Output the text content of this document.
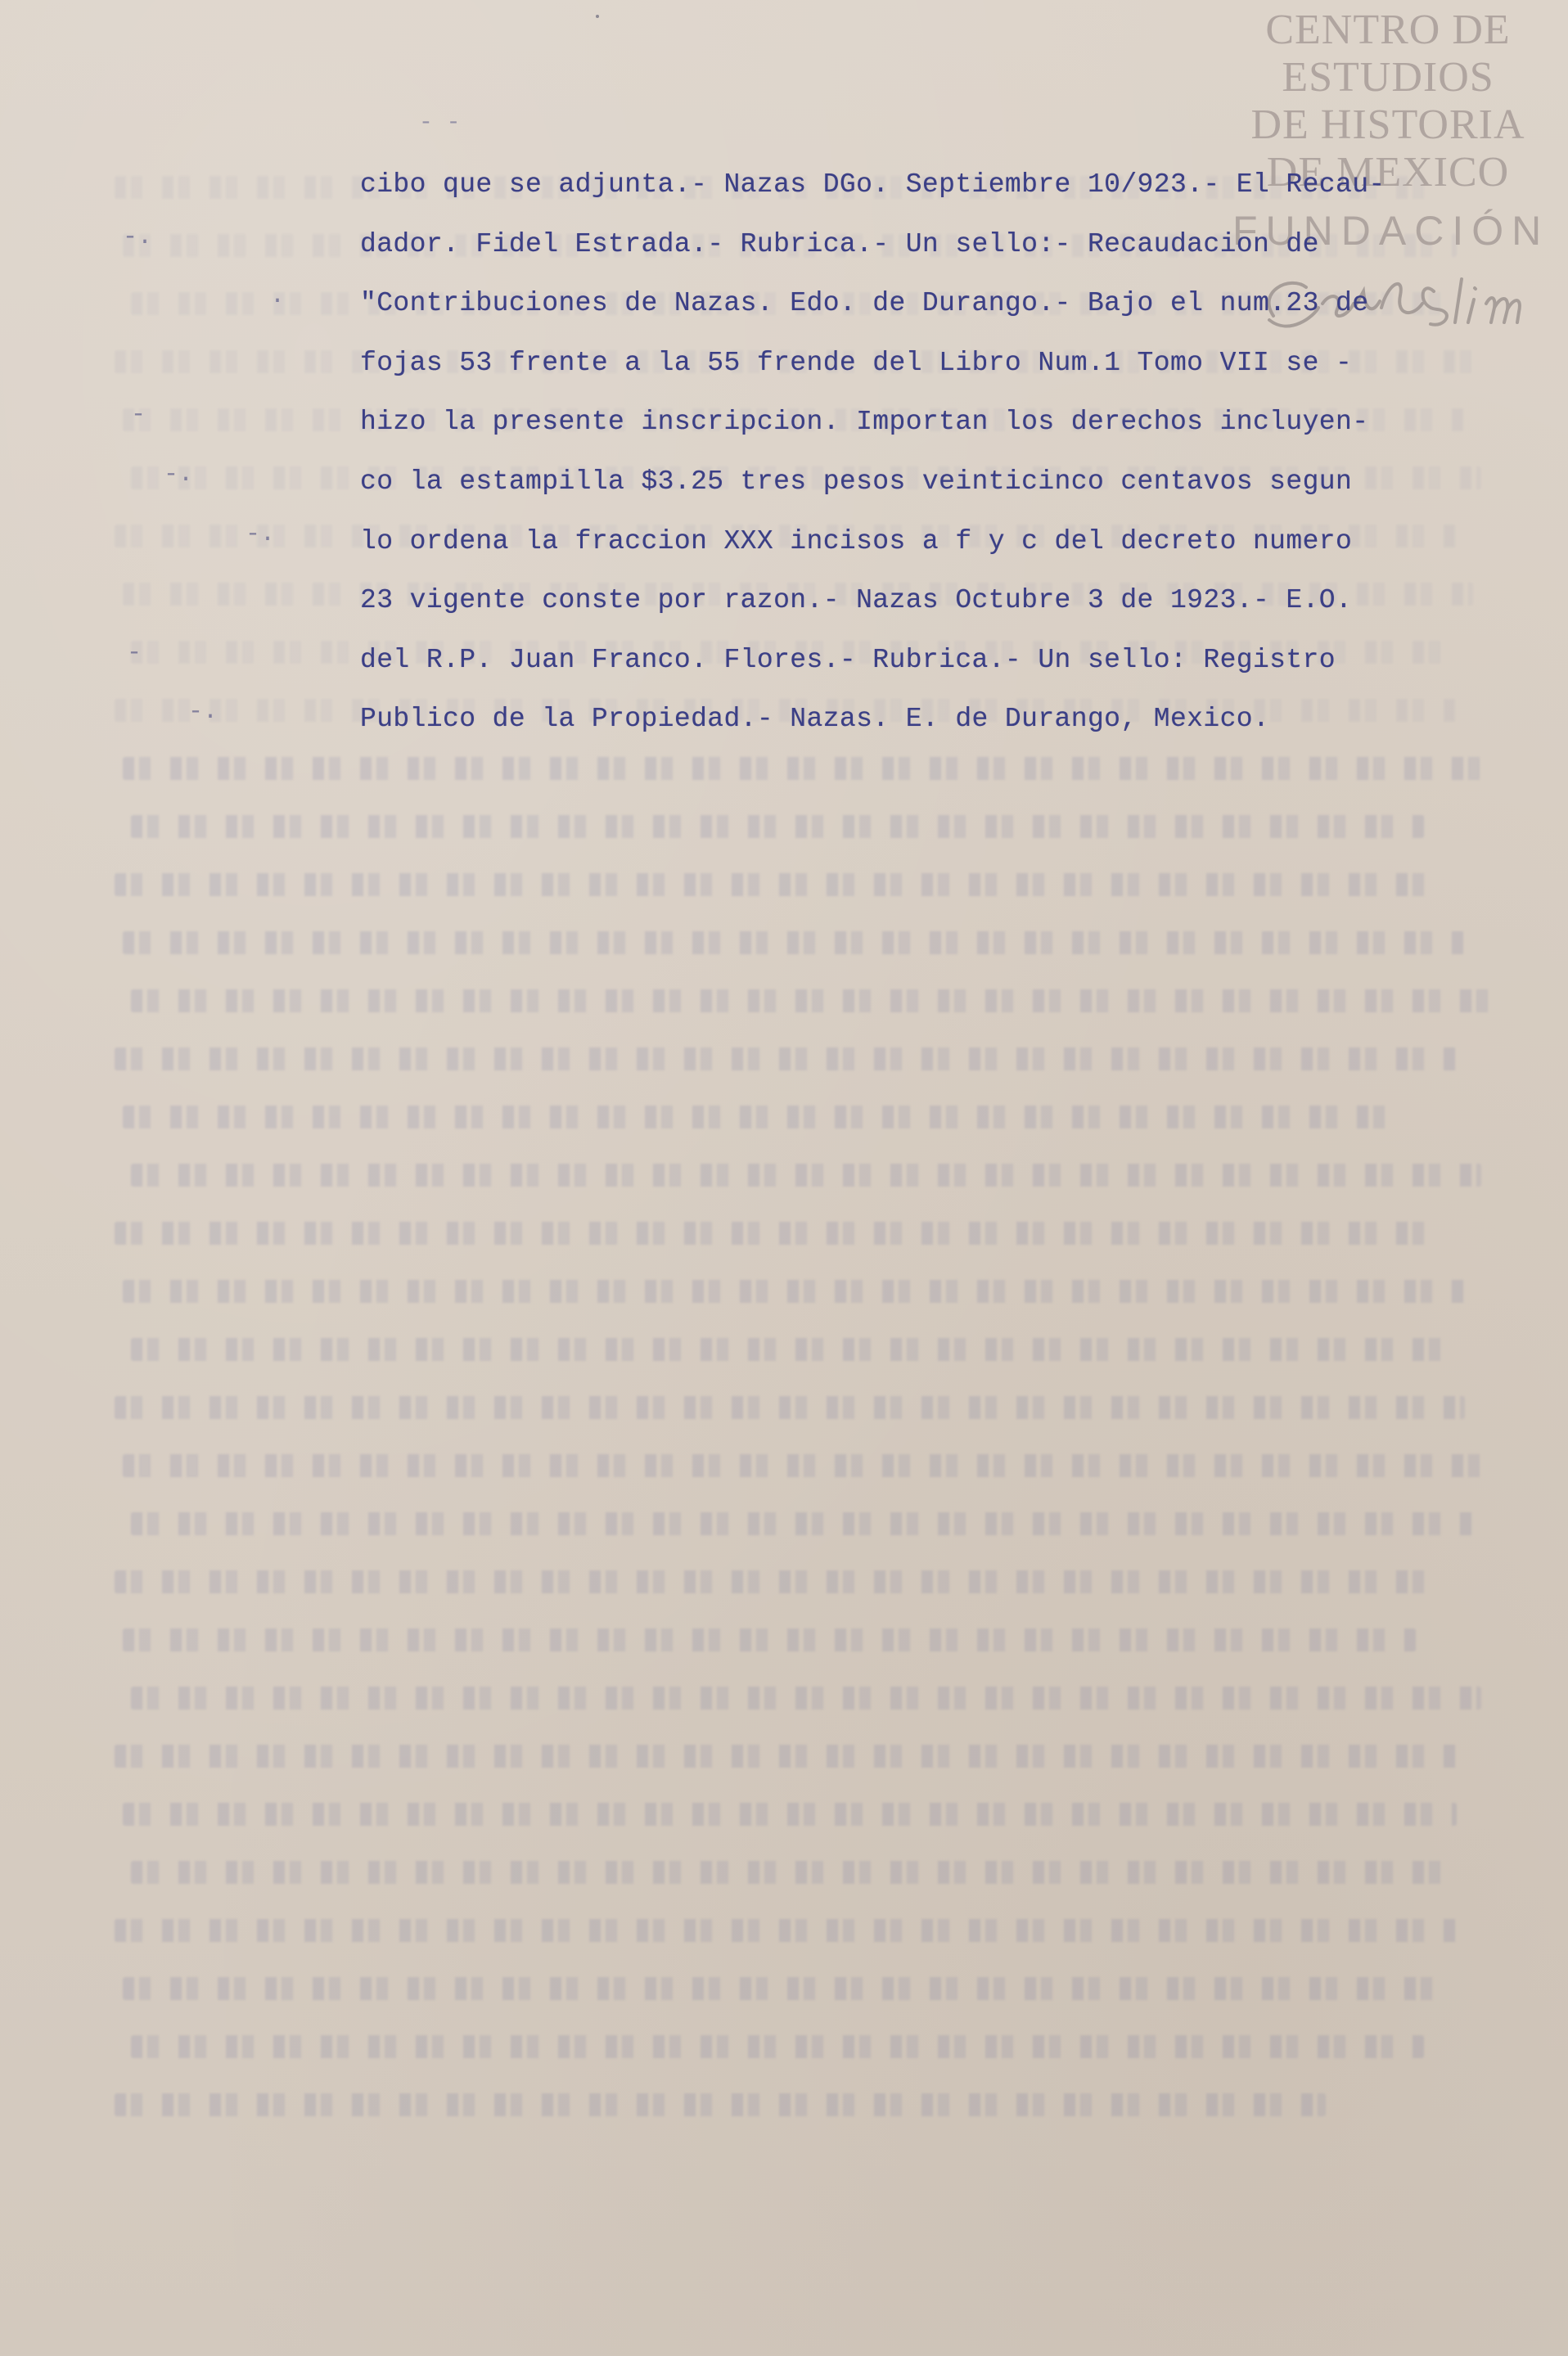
CENTRO DE
ESTUDIOS
DE HISTORIA
DE MEXICO
FUNDACIÓN
- -
-.
.
-
-.
-.
-
-.
cibo que se adjunta.- Nazas DGo. Septiembre 10/923.- El Recau-
dador. Fidel Estrada.- Rubrica.- Un sello:- Recaudacion de
"Contribuciones de Nazas. Edo. de Durango.- Bajo el num.23 de
fojas 53 frente a la 55 frende del Libro Num.1 Tomo VII se -
hizo la presente inscripcion. Importan los derechos incluyen-
co la estampilla $3.25 tres pesos veinticinco centavos segun
lo ordena la fraccion XXX incisos a f y c del decreto numero
23 vigente conste por razon.- Nazas Octubre 3 de 1923.- E.O.
del R.P. Juan Franco. Flores.- Rubrica.- Un sello: Registro
Publico de la Propiedad.- Nazas. E. de Durango, Mexico.
